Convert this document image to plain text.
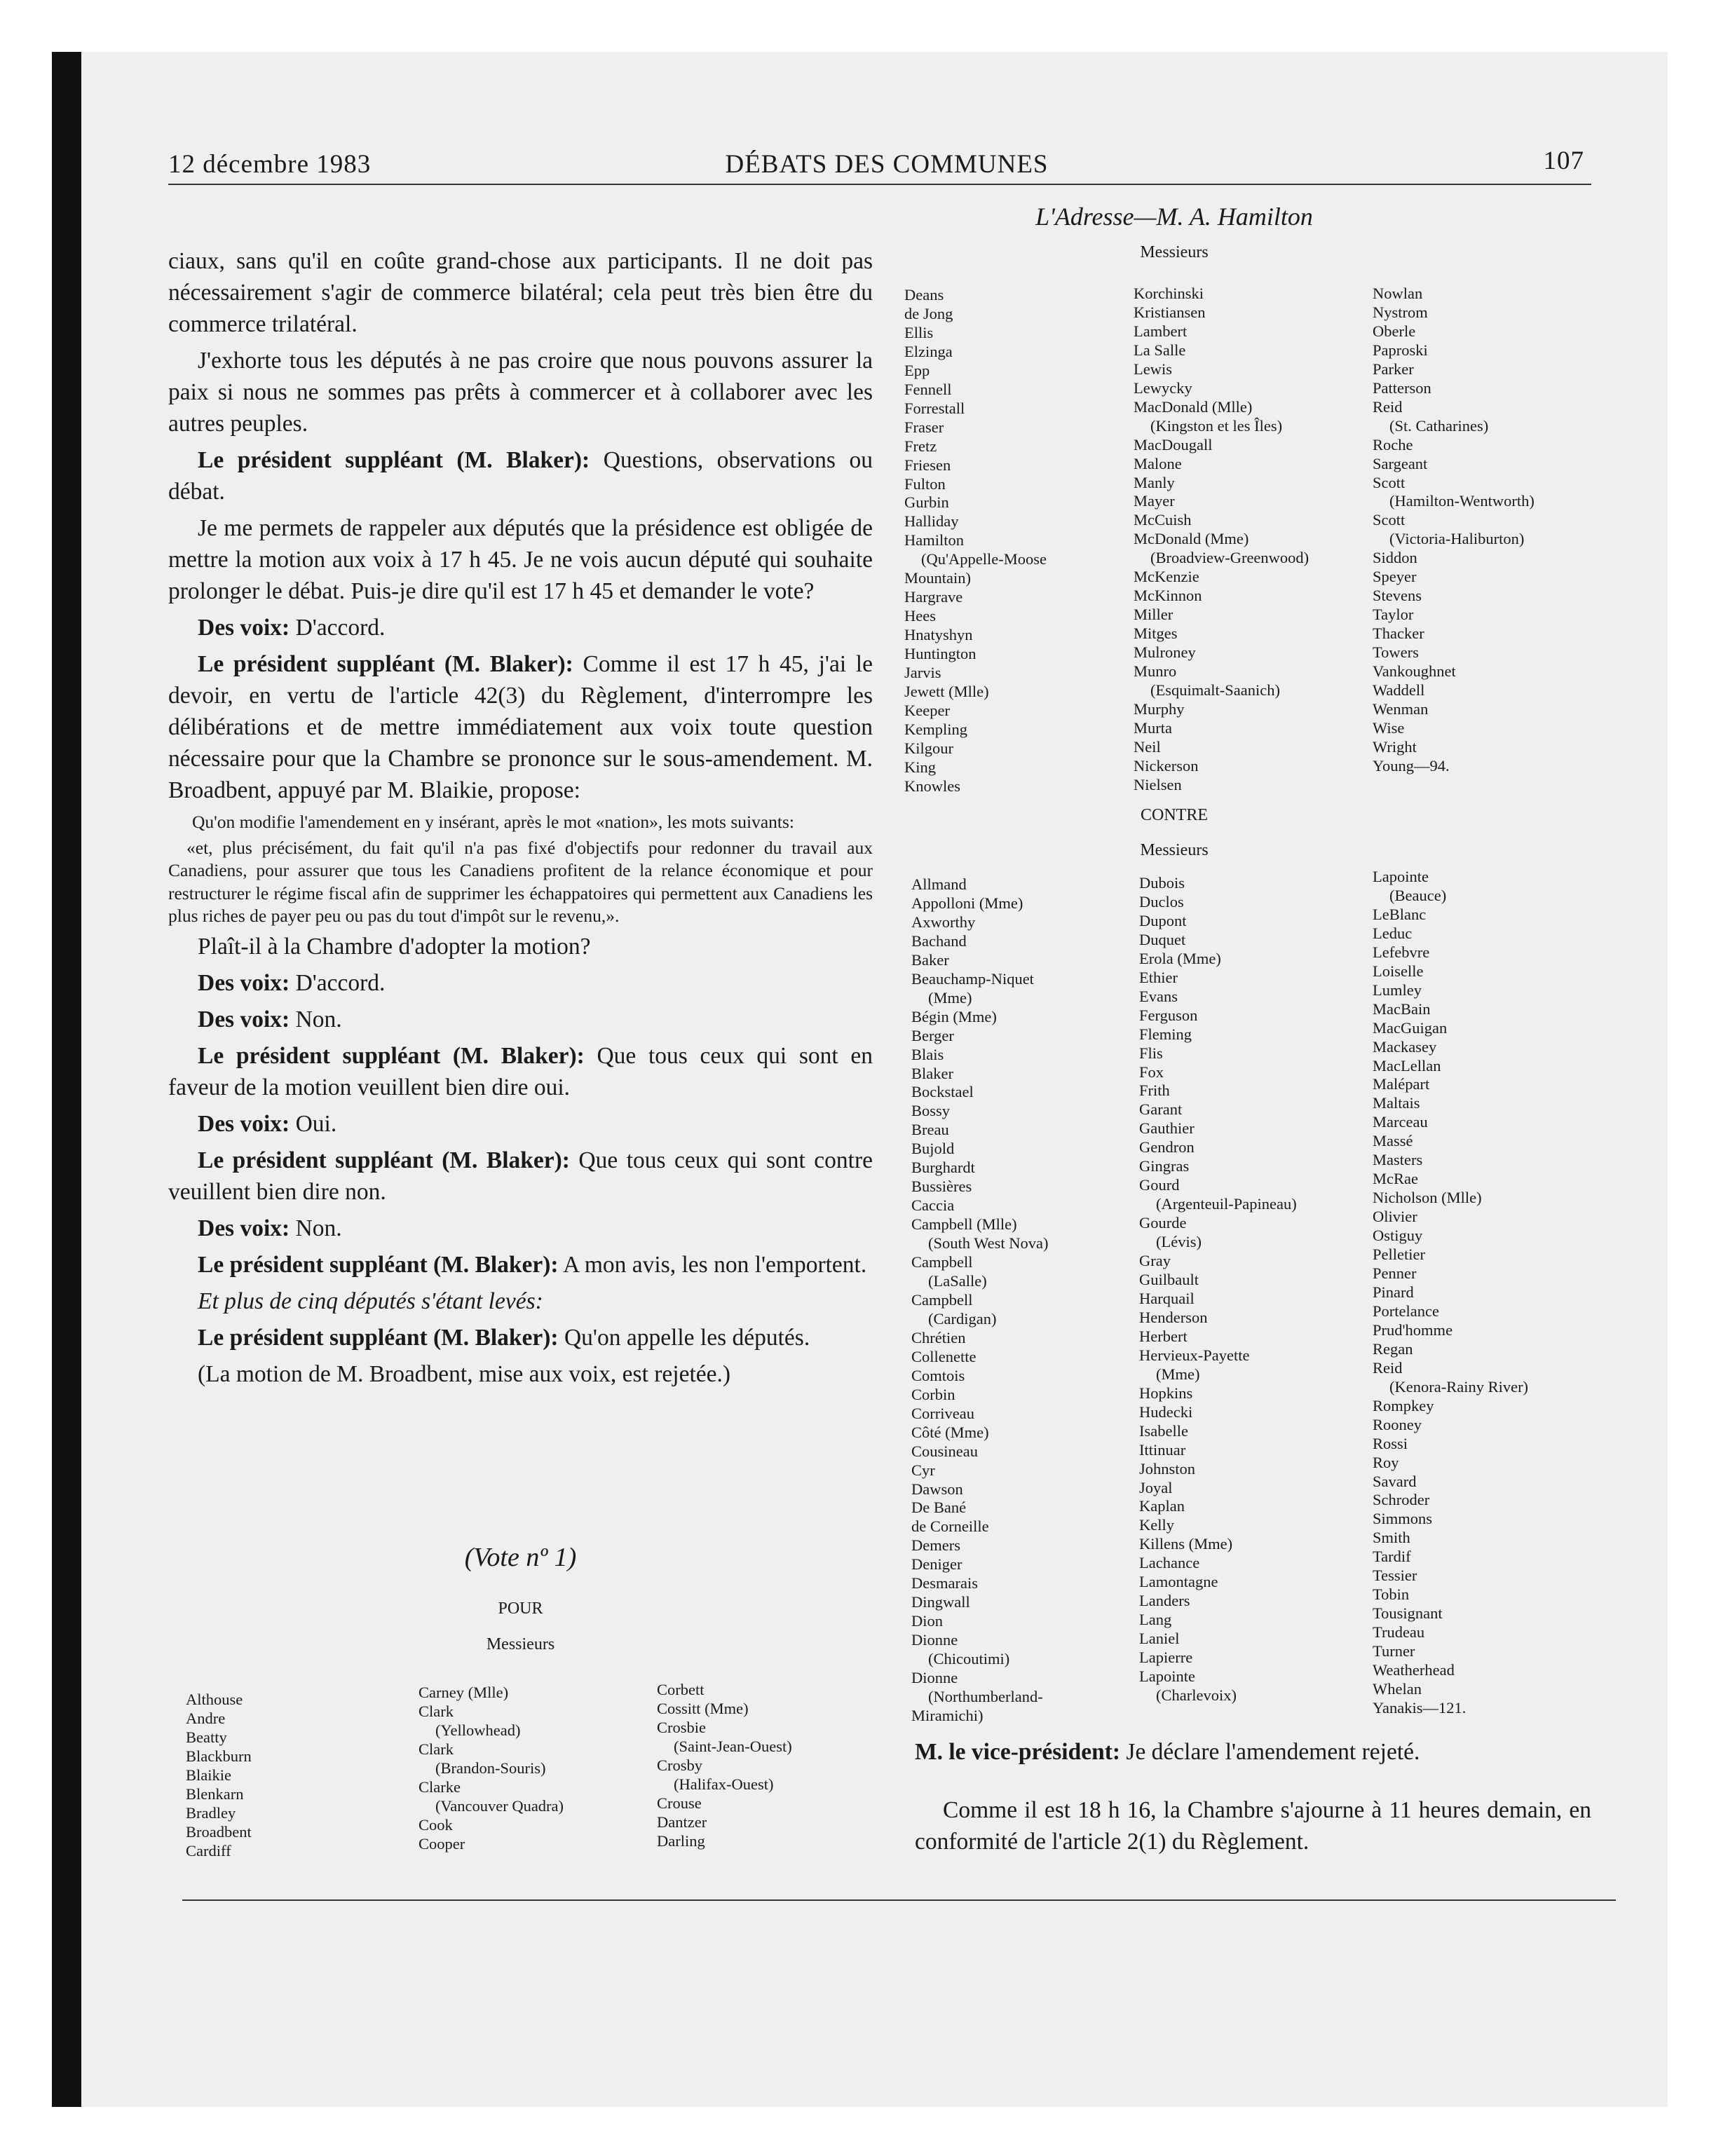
12 décembre 1983	DÉBATS DES COMMUNES	107
L'Adresse—M. A. Hamilton

ciaux, sans qu'il en coûte grand-chose aux participants. Il ne doit pas nécessairement s'agir de commerce bilatéral; cela peut très bien être du commerce trilatéral.

J'exhorte tous les députés à ne pas croire que nous pouvons assurer la paix si nous ne sommes pas prêts à commercer et à collaborer avec les autres peuples.

Le président suppléant (M. Blaker): Questions, observations ou débat.

Je me permets de rappeler aux députés que la présidence est obligée de mettre la motion aux voix à 17 h 45. Je ne vois aucun député qui souhaite prolonger le débat. Puis-je dire qu'il est 17 h 45 et demander le vote?

Des voix: D'accord.

Le président suppléant (M. Blaker): Comme il est 17 h 45, j'ai le devoir, en vertu de l'article 42(3) du Règlement, d'interrompre les délibérations et de mettre immédiatement aux voix toute question nécessaire pour que la Chambre se prononce sur le sous-amendement. M. Broadbent, appuyé par M. Blaikie, propose:

Qu'on modifie l'amendement en y insérant, après le mot «nation», les mots suivants:

«et, plus précisément, du fait qu'il n'a pas fixé d'objectifs pour redonner du travail aux Canadiens, pour assurer que tous les Canadiens profitent de la relance économique et pour restructurer le régime fiscal afin de supprimer les échappatoires qui permettent aux Canadiens les plus riches de payer peu ou pas du tout d'impôt sur le revenu,».

Plaît-il à la Chambre d'adopter la motion?

Des voix: D'accord.

Des voix: Non.

Le président suppléant (M. Blaker): Que tous ceux qui sont en faveur de la motion veuillent bien dire oui.

Des voix: Oui.

Le président suppléant (M. Blaker): Que tous ceux qui sont contre veuillent bien dire non.

Des voix: Non.

Le président suppléant (M. Blaker): A mon avis, les non l'emportent.

Et plus de cinq députés s'étant levés:

Le président suppléant (M. Blaker): Qu'on appelle les députés.

(La motion de M. Broadbent, mise aux voix, est rejetée.)

(Vote nº 1)
POUR
Messieurs
Althouse
Andre
Beatty
Blackburn
Blaikie
Blenkarn
Bradley
Broadbent
Cardiff
Carney (Mlle)
Clark
(Yellowhead)
Clark
(Brandon-Souris)
Clarke
(Vancouver Quadra)
Cook
Cooper
Corbett
Cossitt (Mme)
Crosbie
(Saint-Jean-Ouest)
Crosby
(Halifax-Ouest)
Crouse
Dantzer
Darling
Messieurs
Deans
de Jong
Ellis
Elzinga
Epp
Fennell
Forrestall
Fraser
Fretz
Friesen
Fulton
Gurbin
Halliday
Hamilton
(Qu'Appelle-Moose
Mountain)
Hargrave
Hees
Hnatyshyn
Huntington
Jarvis
Jewett (Mlle)
Keeper
Kempling
Kilgour
King
Knowles
Korchinski
Kristiansen
Lambert
La Salle
Lewis
Lewycky
MacDonald (Mlle)
(Kingston et les Îles)
MacDougall
Malone
Manly
Mayer
McCuish
McDonald (Mme)
(Broadview-Greenwood)
McKenzie
McKinnon
Miller
Mitges
Mulroney
Munro
(Esquimalt-Saanich)
Murphy
Murta
Neil
Nickerson
Nielsen
Nowlan
Nystrom
Oberle
Paproski
Parker
Patterson
Reid
(St. Catharines)
Roche
Sargeant
Scott
(Hamilton-Wentworth)
Scott
(Victoria-Haliburton)
Siddon
Speyer
Stevens
Taylor
Thacker
Towers
Vankoughnet
Waddell
Wenman
Wise
Wright
Young—94.
CONTRE
Messieurs
Allmand
Appolloni (Mme)
Axworthy
Bachand
Baker
Beauchamp-Niquet
(Mme)
Bégin (Mme)
Berger
Blais
Blaker
Bockstael
Bossy
Breau
Bujold
Burghardt
Bussières
Caccia
Campbell (Mlle)
(South West Nova)
Campbell
(LaSalle)
Campbell
(Cardigan)
Chrétien
Collenette
Comtois
Corbin
Corriveau
Côté (Mme)
Cousineau
Cyr
Dawson
De Bané
de Corneille
Demers
Deniger
Desmarais
Dingwall
Dion
Dionne
(Chicoutimi)
Dionne
(Northumberland-
Miramichi)
Dubois
Duclos
Dupont
Duquet
Erola (Mme)
Ethier
Evans
Ferguson
Fleming
Flis
Fox
Frith
Garant
Gauthier
Gendron
Gingras
Gourd
(Argenteuil-Papineau)
Gourde
(Lévis)
Gray
Guilbault
Harquail
Henderson
Herbert
Hervieux-Payette
(Mme)
Hopkins
Hudecki
Isabelle
Ittinuar
Johnston
Joyal
Kaplan
Kelly
Killens (Mme)
Lachance
Lamontagne
Landers
Lang
Laniel
Lapierre
Lapointe
(Charlevoix)
Lapointe
(Beauce)
LeBlanc
Leduc
Lefebvre
Loiselle
Lumley
MacBain
MacGuigan
Mackasey
MacLellan
Malépart
Maltais
Marceau
Massé
Masters
McRae
Nicholson (Mlle)
Olivier
Ostiguy
Pelletier
Penner
Pinard
Portelance
Prud'homme
Regan
Reid
(Kenora-Rainy River)
Rompkey
Rooney
Rossi
Roy
Savard
Schroder
Simmons
Smith
Tardif
Tessier
Tobin
Tousignant
Trudeau
Turner
Weatherhead
Whelan
Yanakis—121.
M. le vice-président: Je déclare l'amendement rejeté.
Comme il est 18 h 16, la Chambre s'ajourne à 11 heures demain, en conformité de l'article 2(1) du Règlement.
